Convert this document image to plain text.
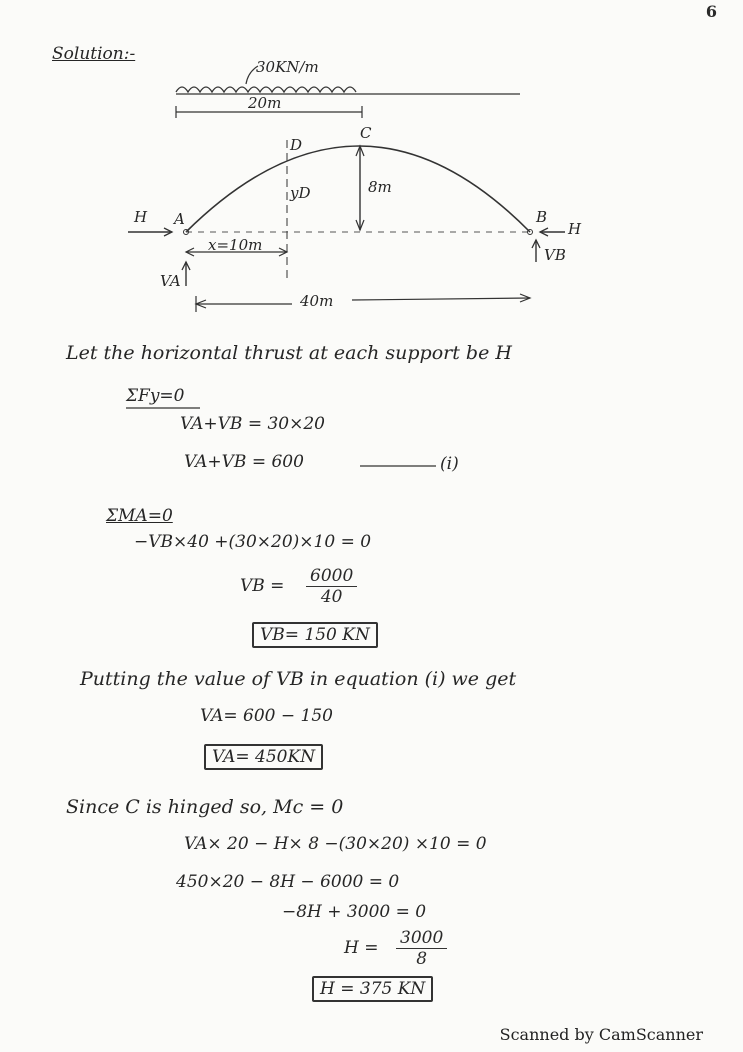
6
Solution:-
30KN/m
20m
C
D
yD	8m
H A	B
H
x=10m
VB
VA
40m
Let the horizontal thrust at each support be H
ΣFy=0
VA+VB = 30×20
VA+VB = 600	(i)
ΣMA=0
−VB×40 +(30×20)×10 = 0
VB = $\frac{6000}{40}$
VB= 150 KN
Putting the value of VB in equation (i) we get
VA= 600 − 150
VA= 450KN
Since C is hinged so, Mc = 0
VA× 20 − H× 8 −(30×20) ×10 = 0
450×20 − 8H − 6000 = 0
−8H + 3000 = 0
$H = \frac{3000}{8}$
H = 375 KN
Scanned by CamScanner
